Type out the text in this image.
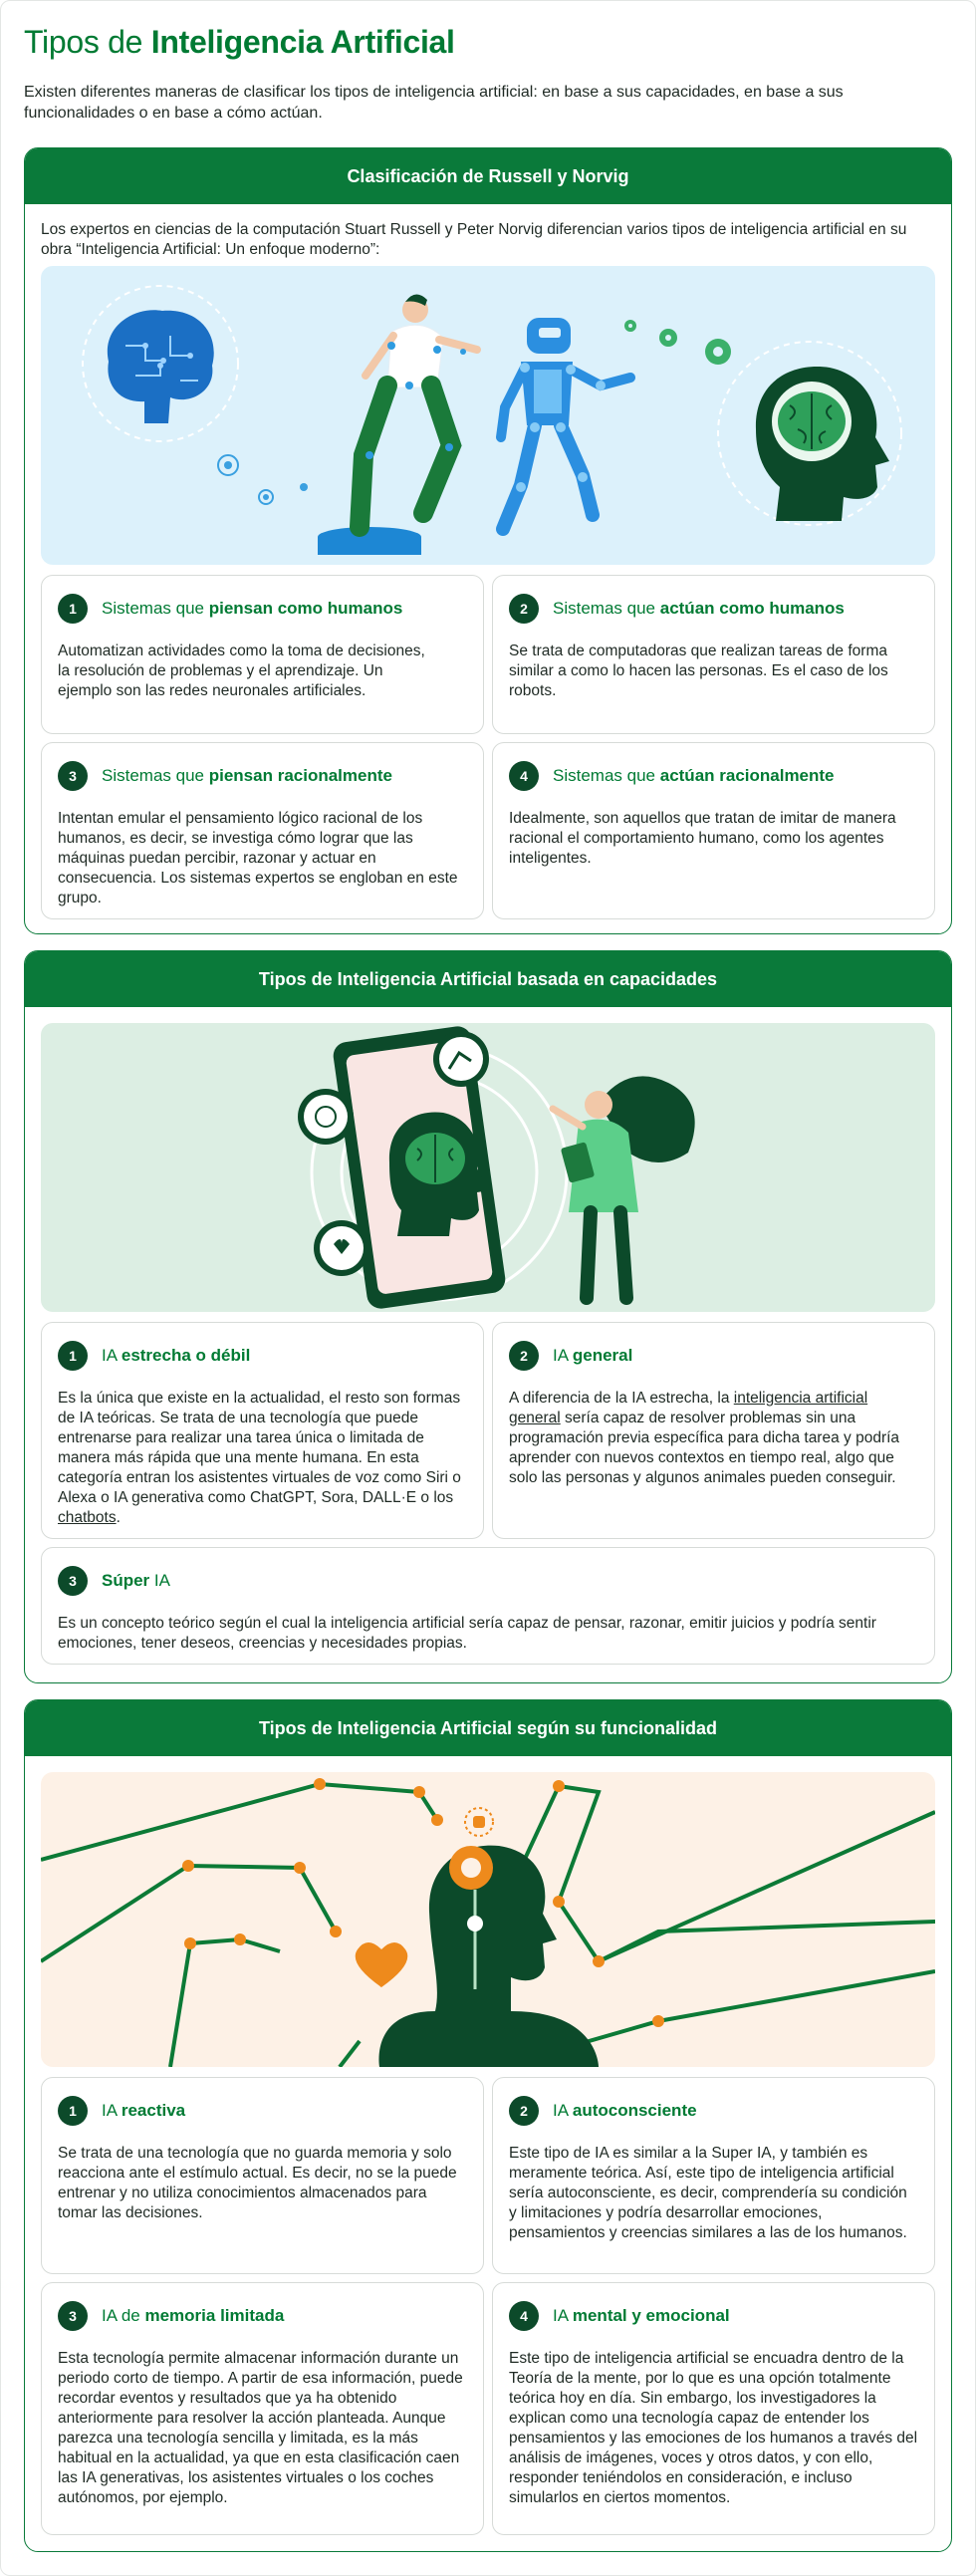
Tipos de Inteligencia Artificial

Existen diferentes maneras de clasificar los tipos de inteligencia artificial: en base a sus capacidades, en base a sus funcionalidades o en base a cómo actúan.

Clasificación de Russell y Norvig

Los expertos en ciencias de la computación Stuart Russell y Peter Norvig diferencian varios tipos de inteligencia artificial en su obra “Inteligencia Artificial: Un enfoque moderno”:

1	Sistemas que piensan como humanos

Automatizan actividades como la toma de decisiones, la resolución de problemas y el aprendizaje. Un ejemplo son las redes neuronales artificiales.

2	Sistemas que actúan como humanos

Se trata de computadoras que realizan tareas de forma similar a como lo hacen las personas. Es el caso de los robots.

3	Sistemas que piensan racionalmente

Intentan emular el pensamiento lógico racional de los humanos, es decir, se investiga cómo lograr que las máquinas puedan percibir, razonar y actuar en consecuencia. Los sistemas expertos se engloban en este grupo.

4	Sistemas que actúan racionalmente

Idealmente, son aquellos que tratan de imitar de manera racional el comportamiento humano, como los agentes inteligentes.

Tipos de Inteligencia Artificial basada en capacidades
1	IA estrecha o débil

Es la única que existe en la actualidad, el resto son formas de IA teóricas. Se trata de una tecnología que puede entrenarse para realizar una tarea única o limitada de manera más rápida que una mente humana. En esta categoría entran los asistentes virtuales de voz como Siri o Alexa o IA generativa como ChatGPT, Sora, DALL·E o los chatbots.

2	IA general

A diferencia de la IA estrecha, la inteligencia artificial general sería capaz de resolver problemas sin una programación previa específica para dicha tarea y podría aprender con nuevos contextos en tiempo real, algo que solo las personas y algunos animales pueden conseguir.

3	Súper IA

Es un concepto teórico según el cual la inteligencia artificial sería capaz de pensar, razonar, emitir juicios y podría sentir emociones, tener deseos, creencias y necesidades propias.

Tipos de Inteligencia Artificial según su funcionalidad
1	IA reactiva

Se trata de una tecnología que no guarda memoria y solo reacciona ante el estímulo actual. Es decir, no se la puede entrenar y no utiliza conocimientos almacenados para tomar las decisiones.

2	IA autoconsciente

Este tipo de IA es similar a la Super IA, y también es meramente teórica. Así, este tipo de inteligencia artificial sería autoconsciente, es decir, comprendería su condición y limitaciones y podría desarrollar emociones, pensamientos y creencias similares a las de los humanos.

3	IA de memoria limitada

Esta tecnología permite almacenar información durante un periodo corto de tiempo. A partir de esa información, puede recordar eventos y resultados que ya ha obtenido anteriormente para resolver la acción planteada. Aunque parezca una tecnología sencilla y limitada, es la más habitual en la actualidad, ya que en esta clasificación caen las IA generativas, los asistentes virtuales o los coches autónomos, por ejemplo.

4	IA mental y emocional

Este tipo de inteligencia artificial se encuadra dentro de la Teoría de la mente, por lo que es una opción totalmente teórica hoy en día. Sin embargo, los investigadores la explican como una tecnología capaz de entender los pensamientos y las emociones de los humanos a través del análisis de imágenes, voces y otros datos, y con ello, responder teniéndolos en consideración, e incluso simularlos en ciertos momentos.
